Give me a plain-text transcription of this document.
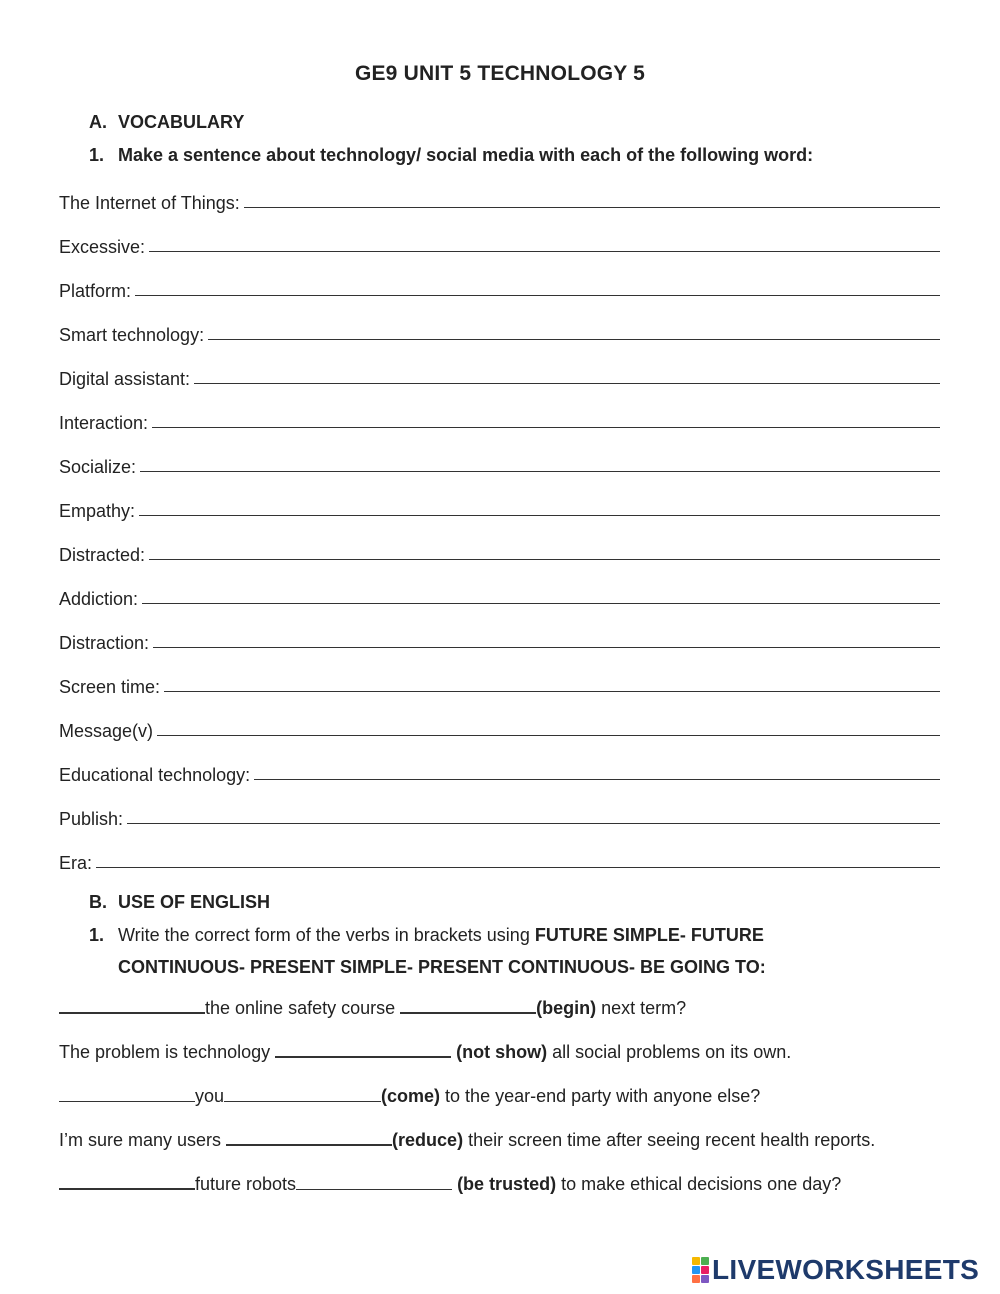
GE9 UNIT 5 TECHNOLOGY 5
A. VOCABULARY
1. Make a sentence about technology/ social media with each of the following word:
The Internet of Things:
Excessive:
Platform:
Smart technology:
Digital assistant:
Interaction:
Socialize:
Empathy:
Distracted:
Addiction:
Distraction:
Screen time:
Message(v)
Educational technology:
Publish:
Era:
B. USE OF ENGLISH
1. Write the correct form of the verbs in brackets using FUTURE SIMPLE- FUTURE CONTINUOUS- PRESENT SIMPLE- PRESENT CONTINUOUS- BE GOING TO:
the online safety course	(begin) next term?
The problem is technology	(not show) all social problems on its own.
you	(come) to the year-end party with anyone else?
I’m sure many users	(reduce) their screen time after seeing recent health reports.
future robots	(be trusted) to make ethical decisions one day?
LIVEWORKSHEETS
